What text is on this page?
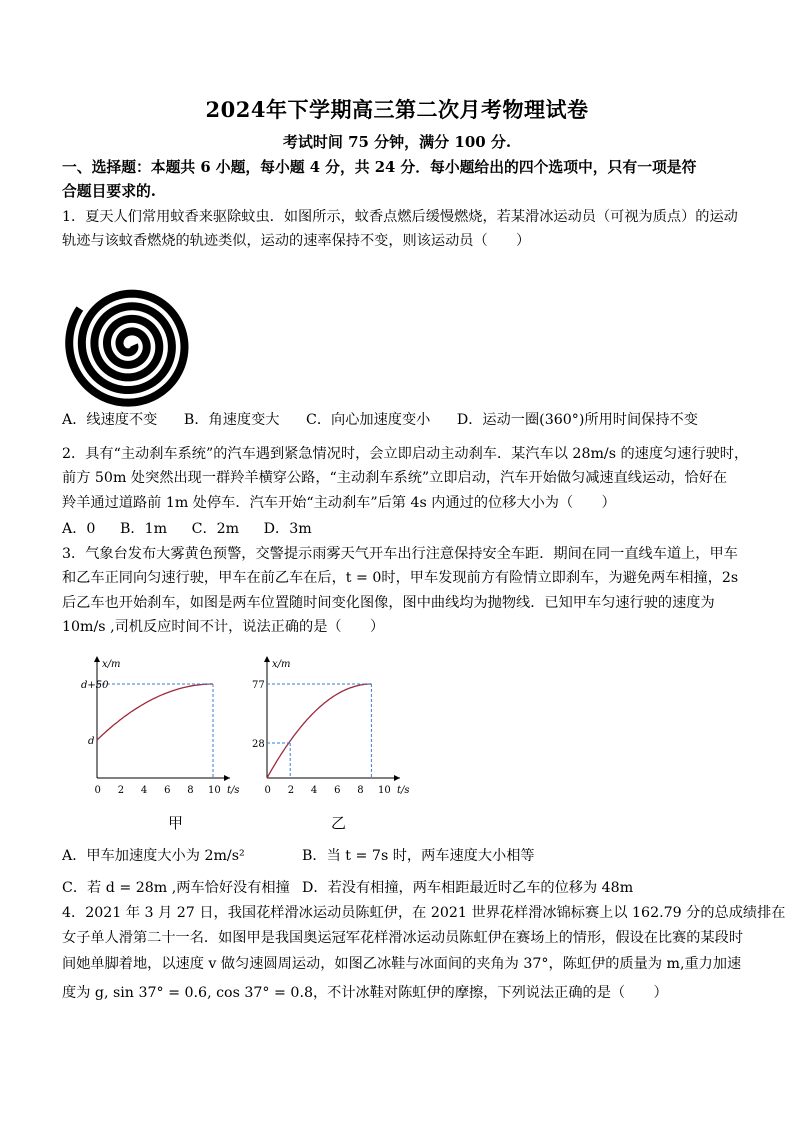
2024年下学期高三第二次月考物理试卷
考试时间 75 分钟，满分 100 分.
一、选择题：本题共 6 小题，每小题 4 分，共 24 分．每小题给出的四个选项中，只有一项是符
合题目要求的.
1．夏天人们常用蚊香来驱除蚊虫．如图所示，蚊香点燃后缓慢燃烧，若某滑冰运动员（可视为质点）的运动
轨迹与该蚊香燃烧的轨迹类似，运动的速率保持不变，则该运动员（　　）
A．线速度不变 B．角速度变大 C．向心加速度变小 D．运动一圈(360°)所用时间保持不变
2．具有“主动刹车系统”的汽车遇到紧急情况时，会立即启动主动刹车．某汽车以 28m/s 的速度匀速行驶时，
前方 50m 处突然出现一群羚羊横穿公路，“主动刹车系统”立即启动，汽车开始做匀减速直线运动，恰好在
羚羊通过道路前 1m 处停车．汽车开始“主动刹车”后第 4s 内通过的位移大小为（　　）
A．0 B．1m C．2m D．3m
3．气象台发布大雾黄色预警，交警提示雨雾天气开车出行注意保持安全车距．期间在同一直线车道上，甲车
和乙车正同向匀速行驶，甲车在前乙车在后，t = 0时，甲车发现前方有险情立即刹车，为避免两车相撞，2s
后乙车也开始刹车，如图是两车位置随时间变化图像，图中曲线均为抛物线．已知甲车匀速行驶的速度为
10m/s ,司机反应时间不计，说法正确的是（　　）
x/m
t/s
0 2 4 6 8 10
d+50
d
甲
x/m
t/s
0 2 4 6 8 10
77
28
乙
A．甲车加速度大小为 2m/s²	B．当 t = 7s 时，两车速度大小相等
C．若 d = 28m ,两车恰好没有相撞 D．若没有相撞，两车相距最近时乙车的位移为 48m
4．2021 年 3 月 27 日，我国花样滑冰运动员陈虹伊，在 2021 世界花样滑冰锦标赛上以 162.79 分的总成绩排在
女子单人滑第二十一名．如图甲是我国奥运冠军花样滑冰运动员陈虹伊在赛场上的情形，假设在比赛的某段时
间她单脚着地，以速度 v 做匀速圆周运动，如图乙冰鞋与冰面间的夹角为 37°，陈虹伊的质量为 m,重力加速
度为 g, sin 37° = 0.6, cos 37° = 0.8，不计冰鞋对陈虹伊的摩擦，下列说法正确的是（　　）
